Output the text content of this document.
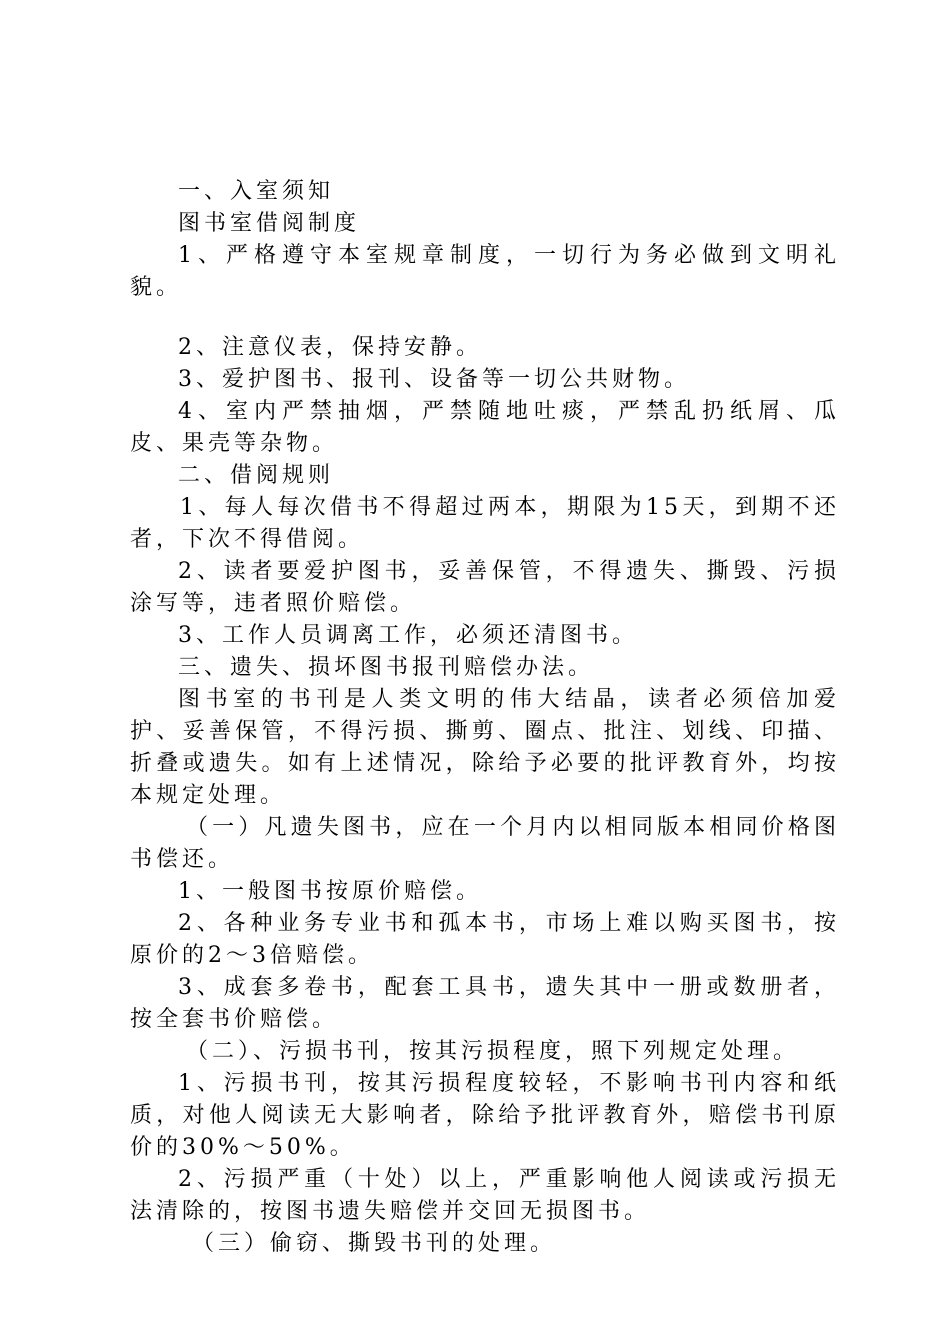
一、入室须知

图书室借阅制度

1、严格遵守本室规章制度，一切行为务必做到文明礼貌。

2、注意仪表，保持安静。

3、爱护图书、报刊、设备等一切公共财物。

4、室内严禁抽烟，严禁随地吐痰，严禁乱扔纸屑、瓜皮、果壳等杂物。

二、借阅规则

1、每人每次借书不得超过两本，期限为15天，到期不还者，下次不得借阅。

2、读者要爱护图书，妥善保管，不得遗失、撕毁、污损涂写等，违者照价赔偿。

3、工作人员调离工作，必须还清图书。

三、遗失、损坏图书报刊赔偿办法。

图书室的书刊是人类文明的伟大结晶，读者必须倍加爱护、妥善保管，不得污损、撕剪、圈点、批注、划线、印描、折叠或遗失。如有上述情况，除给予必要的批评教育外，均按本规定处理。

（一）凡遗失图书，应在一个月内以相同版本相同价格图书偿还。

1、一般图书按原价赔偿。

2、各种业务专业书和孤本书，市场上难以购买图书，按原价的2～3倍赔偿。

3、成套多卷书，配套工具书，遗失其中一册或数册者，按全套书价赔偿。

（二）、污损书刊，按其污损程度，照下列规定处理。

1、污损书刊，按其污损程度较轻，不影响书刊内容和纸质，对他人阅读无大影响者，除给予批评教育外，赔偿书刊原价的30%～50%。

2、污损严重（十处）以上，严重影响他人阅读或污损无法清除的，按图书遗失赔偿并交回无损图书。

（三）偷窃、撕毁书刊的处理。
